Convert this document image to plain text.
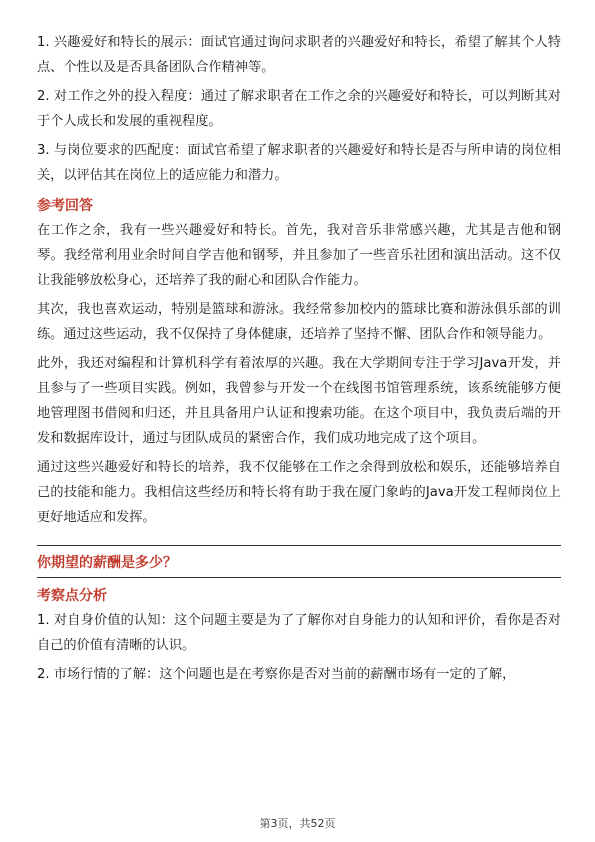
1. 兴趣爱好和特长的展示：面试官通过询问求职者的兴趣爱好和特长，希望了解其个人特点、个性以及是否具备团队合作精神等。

2. 对工作之外的投入程度：通过了解求职者在工作之余的兴趣爱好和特长，可以判断其对于个人成长和发展的重视程度。

3. 与岗位要求的匹配度：面试官希望了解求职者的兴趣爱好和特长是否与所申请的岗位相关，以评估其在岗位上的适应能力和潜力。

参考回答

在工作之余，我有一些兴趣爱好和特长。首先，我对音乐非常感兴趣，尤其是吉他和钢琴。我经常利用业余时间自学吉他和钢琴，并且参加了一些音乐社团和演出活动。这不仅让我能够放松身心，还培养了我的耐心和团队合作能力。

其次，我也喜欢运动，特别是篮球和游泳。我经常参加校内的篮球比赛和游泳俱乐部的训练。通过这些运动，我不仅保持了身体健康，还培养了坚持不懈、团队合作和领导能力。

此外，我还对编程和计算机科学有着浓厚的兴趣。我在大学期间专注于学习Java开发，并且参与了一些项目实践。例如，我曾参与开发一个在线图书馆管理系统，该系统能够方便地管理图书借阅和归还，并且具备用户认证和搜索功能。在这个项目中，我负责后端的开发和数据库设计，通过与团队成员的紧密合作，我们成功地完成了这个项目。

通过这些兴趣爱好和特长的培养，我不仅能够在工作之余得到放松和娱乐，还能够培养自己的技能和能力。我相信这些经历和特长将有助于我在厦门象屿的Java开发工程师岗位上更好地适应和发挥。

你期望的薪酬是多少？
考察点分析

1. 对自身价值的认知：这个问题主要是为了了解你对自身能力的认知和评价，看你是否对自己的价值有清晰的认识。

2. 市场行情的了解：这个问题也是在考察你是否对当前的薪酬市场有一定的了解，

第3页，共52页
